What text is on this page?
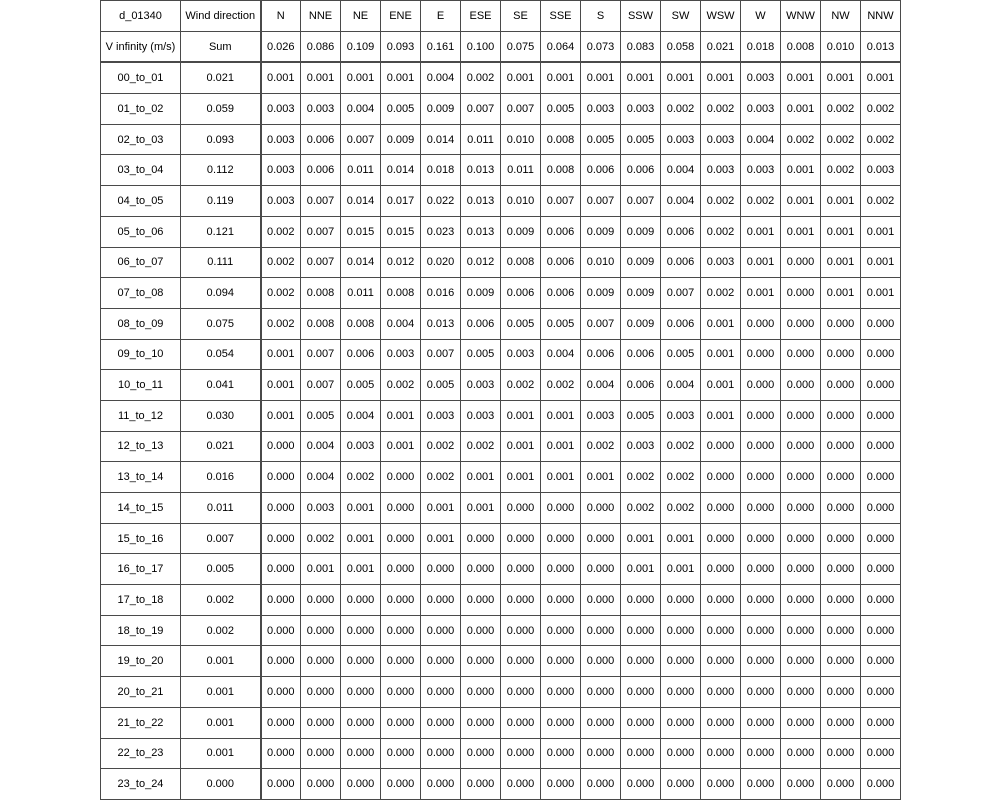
d_01340	Wind direction	N	NNE	NE	ENE	E	ESE	SE	SSE	S	SSW	SW	WSW	W	WNW	NW	NNW
V infinity (m/s)	Sum	0.026	0.086	0.109	0.093	0.161	0.100	0.075	0.064	0.073	0.083	0.058	0.021	0.018	0.008	0.010	0.013
00_to_01	0.021	0.001	0.001	0.001	0.001	0.004	0.002	0.001	0.001	0.001	0.001	0.001	0.001	0.003	0.001	0.001	0.001
01_to_02	0.059	0.003	0.003	0.004	0.005	0.009	0.007	0.007	0.005	0.003	0.003	0.002	0.002	0.003	0.001	0.002	0.002
02_to_03	0.093	0.003	0.006	0.007	0.009	0.014	0.011	0.010	0.008	0.005	0.005	0.003	0.003	0.004	0.002	0.002	0.002
03_to_04	0.112	0.003	0.006	0.011	0.014	0.018	0.013	0.011	0.008	0.006	0.006	0.004	0.003	0.003	0.001	0.002	0.003
04_to_05	0.119	0.003	0.007	0.014	0.017	0.022	0.013	0.010	0.007	0.007	0.007	0.004	0.002	0.002	0.001	0.001	0.002
05_to_06	0.121	0.002	0.007	0.015	0.015	0.023	0.013	0.009	0.006	0.009	0.009	0.006	0.002	0.001	0.001	0.001	0.001
06_to_07	0.111	0.002	0.007	0.014	0.012	0.020	0.012	0.008	0.006	0.010	0.009	0.006	0.003	0.001	0.000	0.001	0.001
07_to_08	0.094	0.002	0.008	0.011	0.008	0.016	0.009	0.006	0.006	0.009	0.009	0.007	0.002	0.001	0.000	0.001	0.001
08_to_09	0.075	0.002	0.008	0.008	0.004	0.013	0.006	0.005	0.005	0.007	0.009	0.006	0.001	0.000	0.000	0.000	0.000
09_to_10	0.054	0.001	0.007	0.006	0.003	0.007	0.005	0.003	0.004	0.006	0.006	0.005	0.001	0.000	0.000	0.000	0.000
10_to_11	0.041	0.001	0.007	0.005	0.002	0.005	0.003	0.002	0.002	0.004	0.006	0.004	0.001	0.000	0.000	0.000	0.000
11_to_12	0.030	0.001	0.005	0.004	0.001	0.003	0.003	0.001	0.001	0.003	0.005	0.003	0.001	0.000	0.000	0.000	0.000
12_to_13	0.021	0.000	0.004	0.003	0.001	0.002	0.002	0.001	0.001	0.002	0.003	0.002	0.000	0.000	0.000	0.000	0.000
13_to_14	0.016	0.000	0.004	0.002	0.000	0.002	0.001	0.001	0.001	0.001	0.002	0.002	0.000	0.000	0.000	0.000	0.000
14_to_15	0.011	0.000	0.003	0.001	0.000	0.001	0.001	0.000	0.000	0.000	0.002	0.002	0.000	0.000	0.000	0.000	0.000
15_to_16	0.007	0.000	0.002	0.001	0.000	0.001	0.000	0.000	0.000	0.000	0.001	0.001	0.000	0.000	0.000	0.000	0.000
16_to_17	0.005	0.000	0.001	0.001	0.000	0.000	0.000	0.000	0.000	0.000	0.001	0.001	0.000	0.000	0.000	0.000	0.000
17_to_18	0.002	0.000	0.000	0.000	0.000	0.000	0.000	0.000	0.000	0.000	0.000	0.000	0.000	0.000	0.000	0.000	0.000
18_to_19	0.002	0.000	0.000	0.000	0.000	0.000	0.000	0.000	0.000	0.000	0.000	0.000	0.000	0.000	0.000	0.000	0.000
19_to_20	0.001	0.000	0.000	0.000	0.000	0.000	0.000	0.000	0.000	0.000	0.000	0.000	0.000	0.000	0.000	0.000	0.000
20_to_21	0.001	0.000	0.000	0.000	0.000	0.000	0.000	0.000	0.000	0.000	0.000	0.000	0.000	0.000	0.000	0.000	0.000
21_to_22	0.001	0.000	0.000	0.000	0.000	0.000	0.000	0.000	0.000	0.000	0.000	0.000	0.000	0.000	0.000	0.000	0.000
22_to_23	0.001	0.000	0.000	0.000	0.000	0.000	0.000	0.000	0.000	0.000	0.000	0.000	0.000	0.000	0.000	0.000	0.000
23_to_24	0.000	0.000	0.000	0.000	0.000	0.000	0.000	0.000	0.000	0.000	0.000	0.000	0.000	0.000	0.000	0.000	0.000
